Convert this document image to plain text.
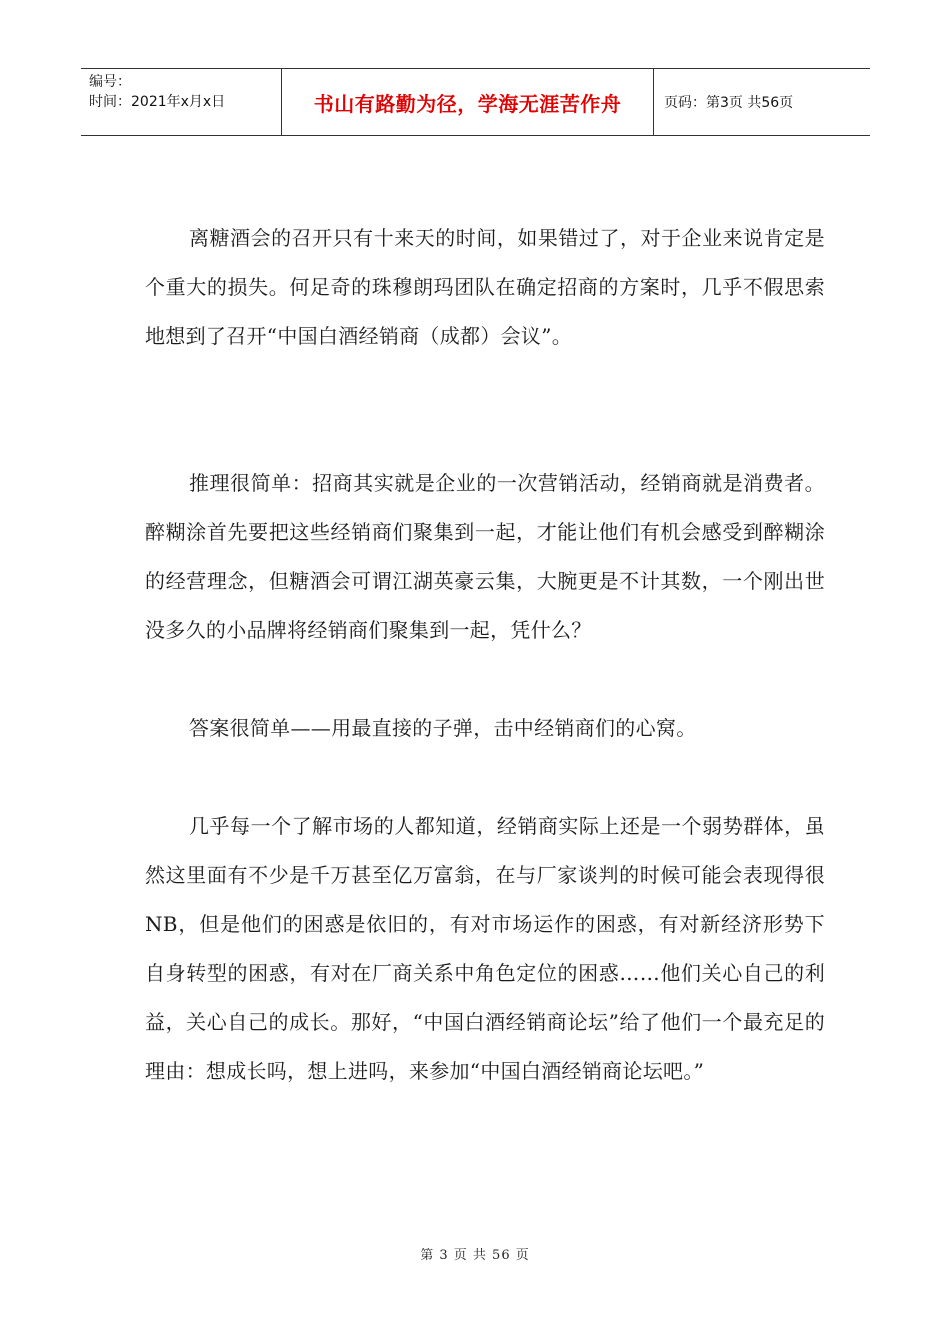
编号：
时间：2021年x月x日	书山有路勤为径，学海无涯苦作舟	页码：第3页 共56页

离糖酒会的召开只有十来天的时间，如果错过了，对于企业来说肯定是个重大的损失。何足奇的珠穆朗玛团队在确定招商的方案时，几乎不假思索地想到了召开“中国白酒经销商（成都）会议”。

推理很简单：招商其实就是企业的一次营销活动，经销商就是消费者。醉糊涂首先要把这些经销商们聚集到一起，才能让他们有机会感受到醉糊涂的经营理念，但糖酒会可谓江湖英豪云集，大腕更是不计其数，一个刚出世没多久的小品牌将经销商们聚集到一起，凭什么？

答案很简单——用最直接的子弹，击中经销商们的心窝。

几乎每一个了解市场的人都知道，经销商实际上还是一个弱势群体，虽然这里面有不少是千万甚至亿万富翁，在与厂家谈判的时候可能会表现得很NB，但是他们的困惑是依旧的，有对市场运作的困惑，有对新经济形势下自身转型的困惑，有对在厂商关系中角色定位的困惑……他们关心自己的利益，关心自己的成长。那好，“中国白酒经销商论坛”给了他们一个最充足的理由：想成长吗，想上进吗，来参加“中国白酒经销商论坛吧。”

第 3 页 共 56 页
